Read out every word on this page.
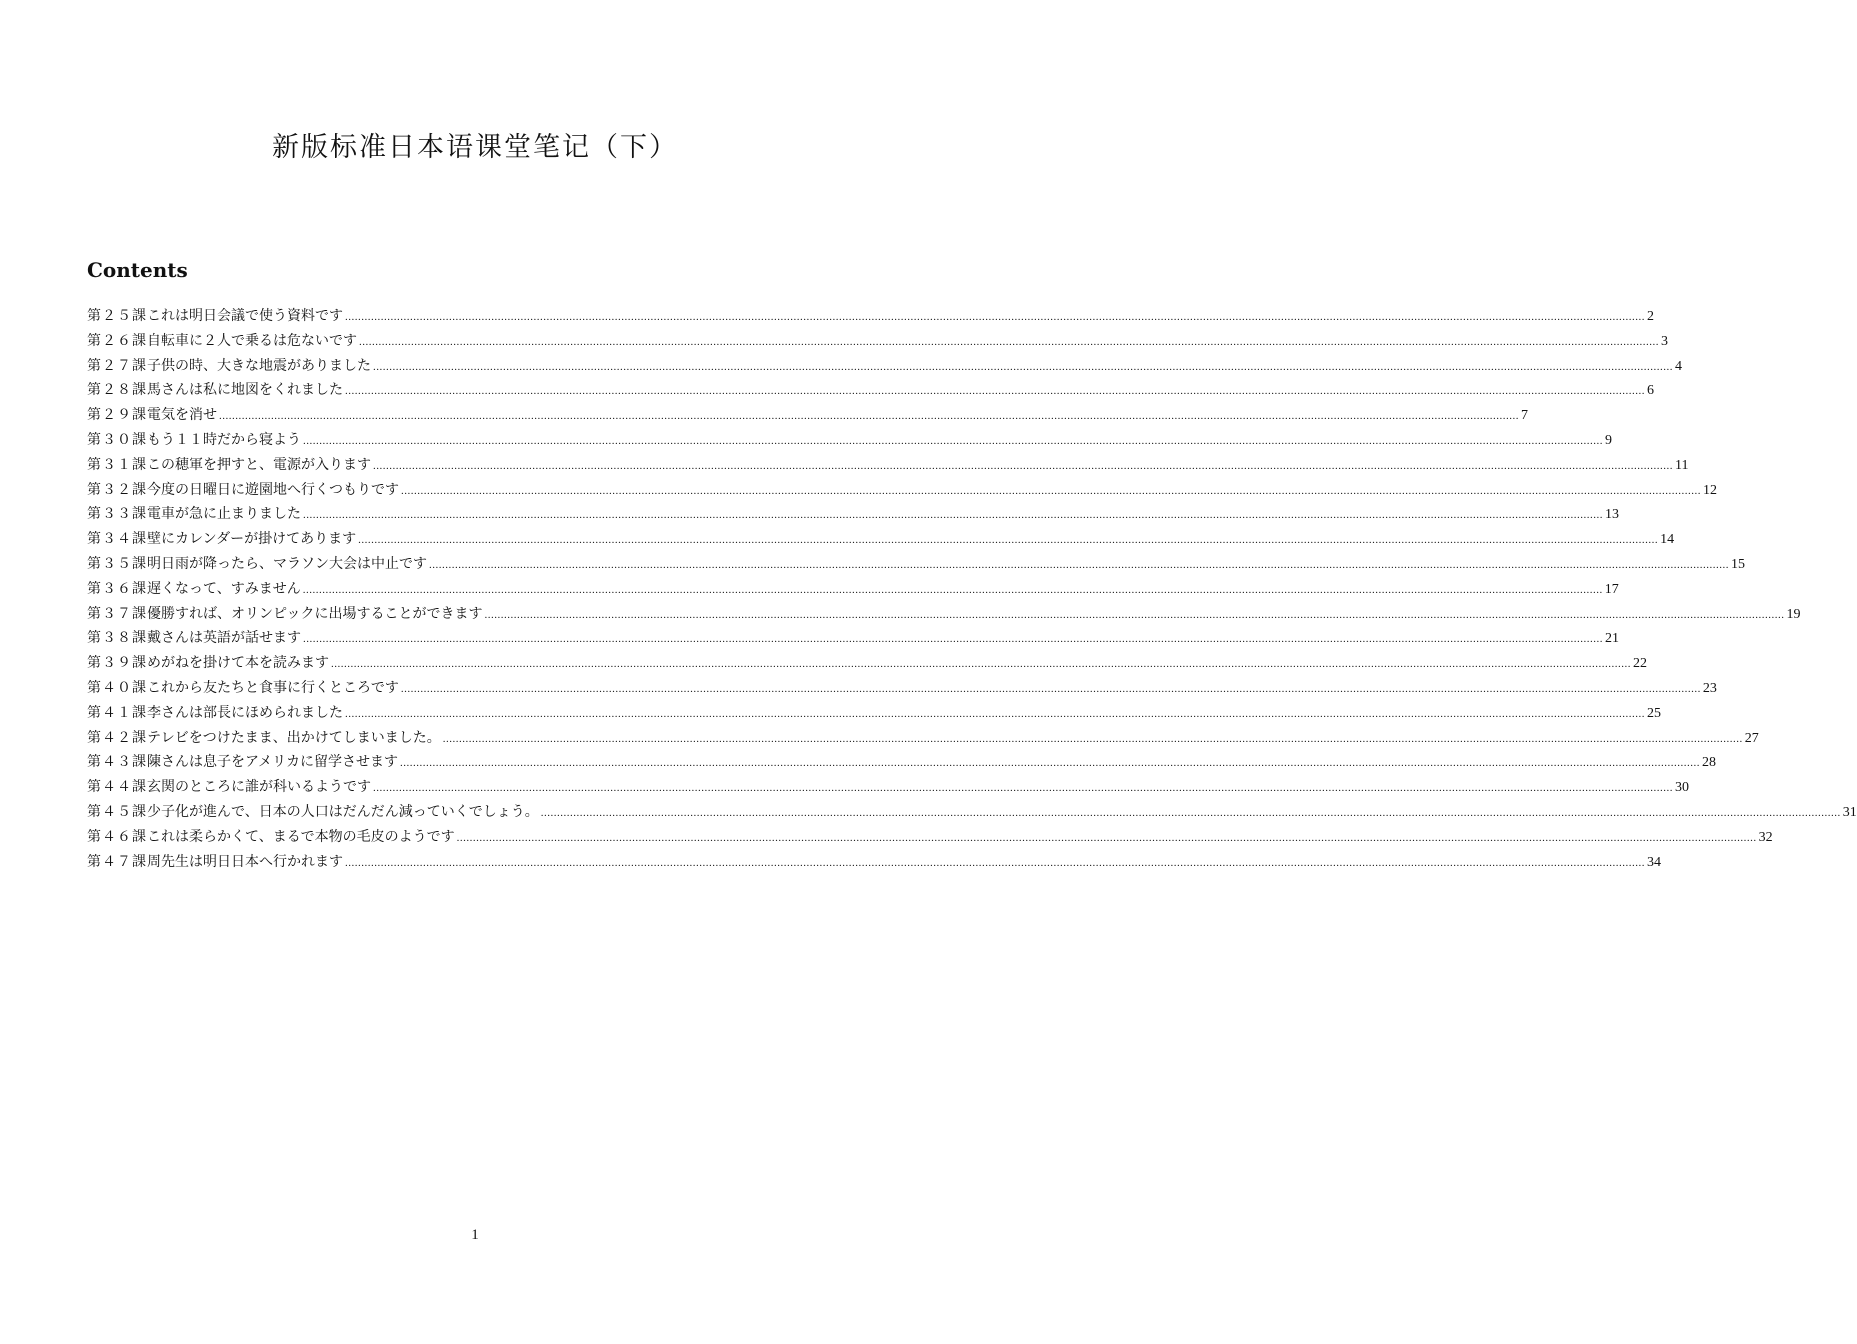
新版标准日本语课堂笔记（下）
Contents
第２５課 これは明日会議で使う資料です ................................................................................................................................................................................................................................................................................................................................................................................................................ 2
第２６課 自転車に２人で乗るは危ないです ................................................................................................................................................................................................................................................................................................................................................................................................................ 3
第２７課 子供の時、大きな地震がありました ................................................................................................................................................................................................................................................................................................................................................................................................................ 4
第２８課 馬さんは私に地図をくれました ................................................................................................................................................................................................................................................................................................................................................................................................................ 6
第２９課 電気を消せ ................................................................................................................................................................................................................................................................................................................................................................................................................ 7
第３０課 もう１１時だから寝よう ................................................................................................................................................................................................................................................................................................................................................................................................................ 9
第３１課 この穂軍を押すと、電源が入ります ................................................................................................................................................................................................................................................................................................................................................................................................................ 11
第３２課 今度の日曜日に遊園地へ行くつもりです ................................................................................................................................................................................................................................................................................................................................................................................................................ 12
第３３課 電車が急に止まりました ................................................................................................................................................................................................................................................................................................................................................................................................................ 13
第３４課 壁にカレンダーが掛けてあります ................................................................................................................................................................................................................................................................................................................................................................................................................ 14
第３５課 明日雨が降ったら、マラソン大会は中止です ................................................................................................................................................................................................................................................................................................................................................................................................................ 15
第３６課 遅くなって、すみません ................................................................................................................................................................................................................................................................................................................................................................................................................ 17
第３７課 優勝すれば、オリンピックに出場することができます ................................................................................................................................................................................................................................................................................................................................................................................................................ 19
第３８課 戴さんは英語が話せます ................................................................................................................................................................................................................................................................................................................................................................................................................ 21
第３９課 めがねを掛けて本を読みます ................................................................................................................................................................................................................................................................................................................................................................................................................ 22
第４０課 これから友たちと食事に行くところです ................................................................................................................................................................................................................................................................................................................................................................................................................ 23
第４１課 李さんは部長にほめられました ................................................................................................................................................................................................................................................................................................................................................................................................................ 25
第４２課 テレビをつけたまま、出かけてしまいました。 ................................................................................................................................................................................................................................................................................................................................................................................................................ 27
第４３課 陳さんは息子をアメリカに留学させます ................................................................................................................................................................................................................................................................................................................................................................................................................ 28
第４４課 玄関のところに誰が科いるようです ................................................................................................................................................................................................................................................................................................................................................................................................................ 30
第４５課 少子化が進んで、日本の人口はだんだん減っていくでしょう。 ................................................................................................................................................................................................................................................................................................................................................................................................................ 31
第４６課 これは柔らかくて、まるで本物の毛皮のようです ................................................................................................................................................................................................................................................................................................................................................................................................................ 32
第４７課 周先生は明日日本へ行かれます ................................................................................................................................................................................................................................................................................................................................................................................................................ 34
1
